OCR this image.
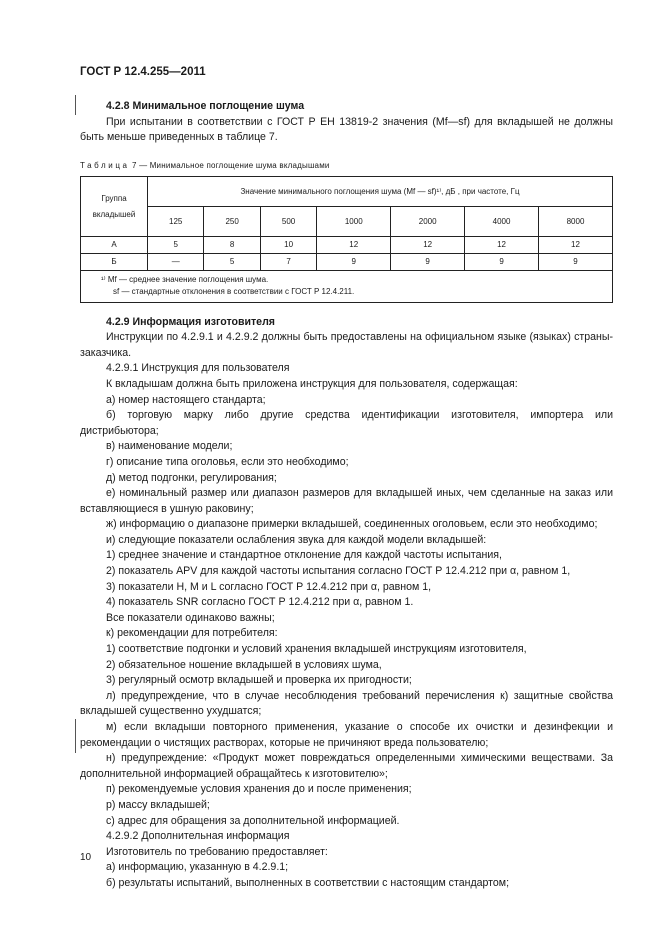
ГОСТ Р 12.4.255—2011

4.2.8 Минимальное поглощение шума

При испытании в соответствии с ГОСТ Р ЕН 13819-2 значения (Mf—sf) для вкладышей не должны быть меньше приведенных в таблице 7.

Таблица 7 — Минимальное поглощение шума вкладышами
Группа
вкладышей	Значение минимального поглощения шума (Mf — sf)¹⁾, дБ , при частоте, Гц						
	125	250	500	1000	2000	4000	8000
А	5	8	10	12	12	12	12
Б	—	5	7	9	9	9	9

¹⁾ Mf — среднее значение поглощения шума.
sf — стандартные отклонения в соответствии с ГОСТ Р 12.4.211.							

4.2.9 Информация изготовителя

Инструкции по 4.2.9.1 и 4.2.9.2 должны быть предоставлены на официальном языке (языках) страны-заказчика.

4.2.9.1 Инструкция для пользователя

К вкладышам должна быть приложена инструкция для пользователя, содержащая:

а) номер настоящего стандарта;

б) торговую марку либо другие средства идентификации изготовителя, импортера или дистрибьютора;

в) наименование модели;

г) описание типа оголовья, если это необходимо;

д) метод подгонки, регулирования;

е) номинальный размер или диапазон размеров для вкладышей иных, чем сделанные на заказ или вставляющиеся в ушную раковину;

ж) информацию о диапазоне примерки вкладышей, соединенных оголовьем, если это необходимо;

и) следующие показатели ослабления звука для каждой модели вкладышей:

1) среднее значение и стандартное отклонение для каждой частоты испытания,

2) показатель APV для каждой частоты испытания согласно ГОСТ Р 12.4.212 при α, равном 1,

3) показатели H, M и L согласно ГОСТ Р 12.4.212 при α, равном 1,

4) показатель SNR согласно ГОСТ Р 12.4.212 при α, равном 1.

Все показатели одинаково важны;

к) рекомендации для потребителя:

1) соответствие подгонки и условий хранения вкладышей инструкциям изготовителя,

2) обязательное ношение вкладышей в условиях шума,

3) регулярный осмотр вкладышей и проверка их пригодности;

л) предупреждение, что в случае несоблюдения требований перечисления к) защитные свойства вкладышей существенно ухудшатся;

м) если вкладыши повторного применения, указание о способе их очистки и дезинфекции и рекомендации о чистящих растворах, которые не причиняют вреда пользователю;

н) предупреждение: «Продукт может повреждаться определенными химическими веществами. За дополнительной информацией обращайтесь к изготовителю»;

п) рекомендуемые условия хранения до и после применения;

р) массу вкладышей;

с) адрес для обращения за дополнительной информацией.

4.2.9.2 Дополнительная информация

Изготовитель по требованию предоставляет:

а) информацию, указанную в 4.2.9.1;

б) результаты испытаний, выполненных в соответствии с настоящим стандартом;

10
